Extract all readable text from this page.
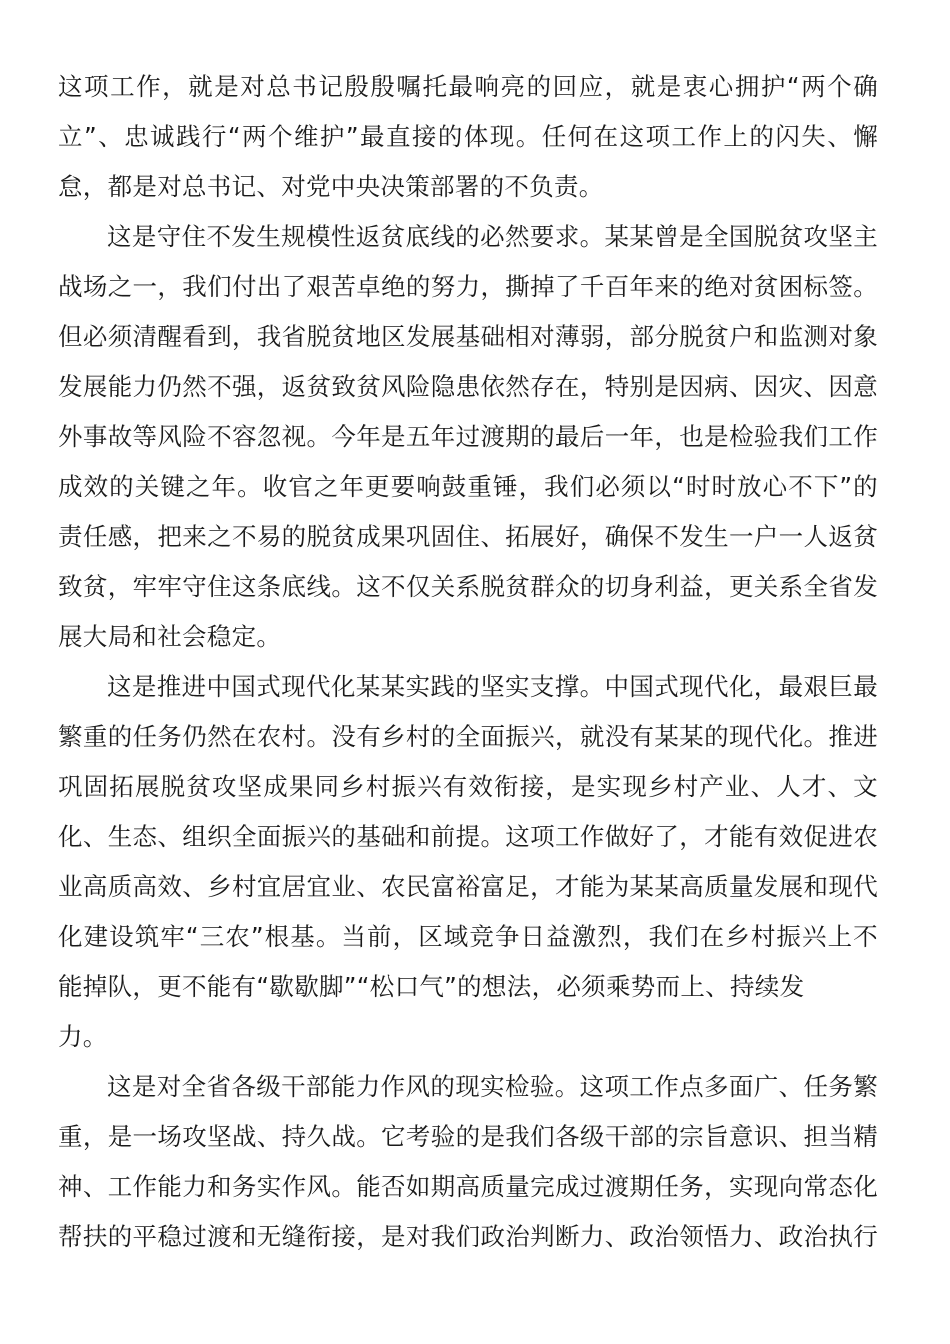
这项工作，就是对总书记殷殷嘱托最响亮的回应，就是衷心拥护“两个确
立”、忠诚践行“两个维护”最直接的体现。任何在这项工作上的闪失、懈
怠，都是对总书记、对党中央决策部署的不负责。
这是守住不发生规模性返贫底线的必然要求。某某曾是全国脱贫攻坚主
战场之一，我们付出了艰苦卓绝的努力，撕掉了千百年来的绝对贫困标签。
但必须清醒看到，我省脱贫地区发展基础相对薄弱，部分脱贫户和监测对象
发展能力仍然不强，返贫致贫风险隐患依然存在，特别是因病、因灾、因意
外事故等风险不容忽视。今年是五年过渡期的最后一年，也是检验我们工作
成效的关键之年。收官之年更要响鼓重锤，我们必须以“时时放心不下”的
责任感，把来之不易的脱贫成果巩固住、拓展好，确保不发生一户一人返贫
致贫，牢牢守住这条底线。这不仅关系脱贫群众的切身利益，更关系全省发
展大局和社会稳定。
这是推进中国式现代化某某实践的坚实支撑。中国式现代化，最艰巨最
繁重的任务仍然在农村。没有乡村的全面振兴，就没有某某的现代化。推进
巩固拓展脱贫攻坚成果同乡村振兴有效衔接，是实现乡村产业、人才、文
化、生态、组织全面振兴的基础和前提。这项工作做好了，才能有效促进农
业高质高效、乡村宜居宜业、农民富裕富足，才能为某某高质量发展和现代
化建设筑牢“三农”根基。当前，区域竞争日益激烈，我们在乡村振兴上不
能掉队，更不能有“歇歇脚”“松口气”的想法，必须乘势而上、持续发
力。
这是对全省各级干部能力作风的现实检验。这项工作点多面广、任务繁
重，是一场攻坚战、持久战。它考验的是我们各级干部的宗旨意识、担当精
神、工作能力和务实作风。能否如期高质量完成过渡期任务，实现向常态化
帮扶的平稳过渡和无缝衔接，是对我们政治判断力、政治领悟力、政治执行
